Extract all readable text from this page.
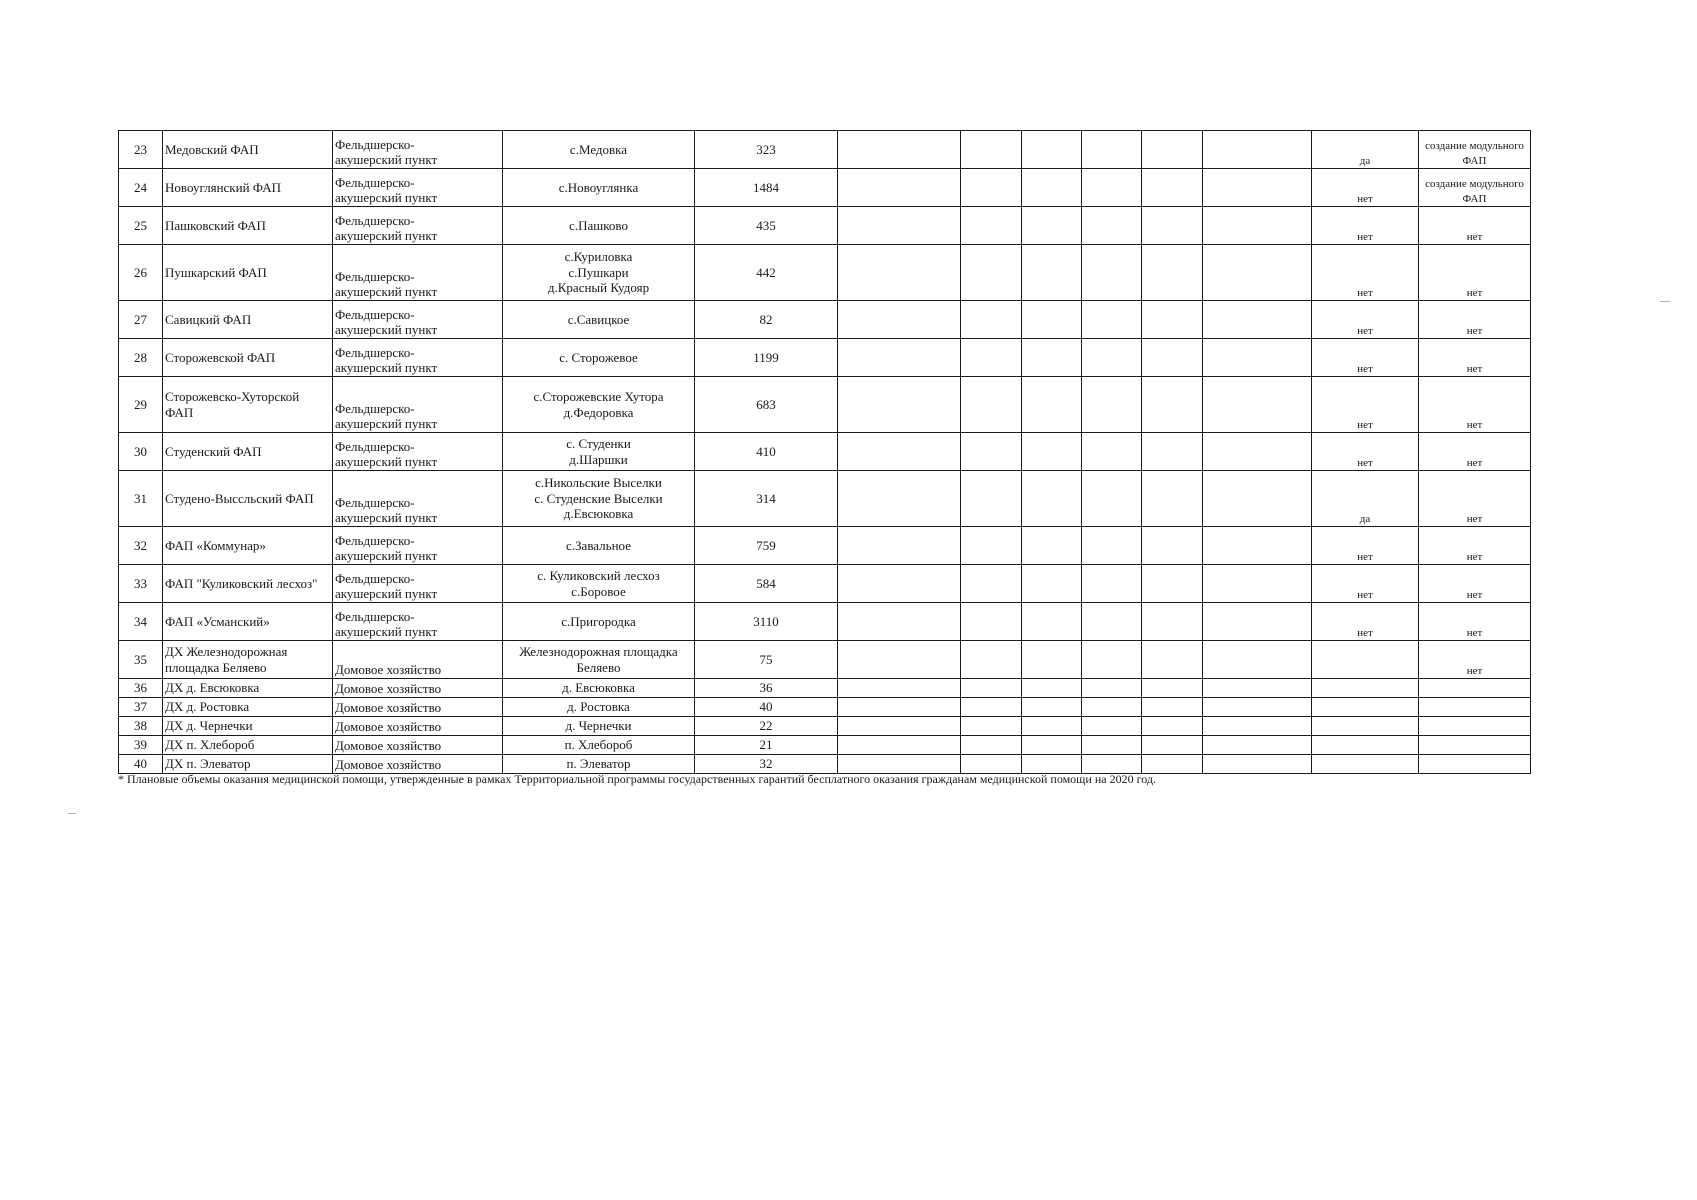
23	Медовский ФАП	Фельдшерско-
акушерский пункт	с.Медовка	323							да	создание модульного ФАП
24	Новоуглянский ФАП	Фельдшерско-
акушерский пункт	с.Новоуглянка	1484							нет	создание модульного ФАП
25	Пашковский ФАП	Фельдшерско-
акушерский пункт	с.Пашково	435							нет	нет
26	Пушкарский ФАП	Фельдшерско-
акушерский пункт	с.Куриловка
с.Пушкари
д.Красный Кудояр	442							нет	нет
27	Савицкий ФАП	Фельдшерско-
акушерский пункт	с.Савицкое	82							нет	нет
28	Сторожевской ФАП	Фельдшерско-
акушерский пункт	с. Сторожевое	1199							нет	нет
29	Сторожевско-Хуторской ФАП	Фельдшерско-
акушерский пункт	с.Сторожевские Хутора
д.Федоровка	683							нет	нет
30	Студенский ФАП	Фельдшерско-
акушерский пункт	с. Студенки
д.Шаршки	410							нет	нет
31	Студено-Выссльский ФАП	Фельдшерско-
акушерский пункт	с.Никольские Выселки
с. Студенские Выселки
д.Евсюковка	314							да	нет
32	ФАП «Коммунар»	Фельдшерско-
акушерский пункт	с.Завальное	759							нет	нет
33	ФАП "Куликовский лесхоз"	Фельдшерско-
акушерский пункт	с. Куликовский лесхоз
с.Боровое	584							нет	нет
34	ФАП «Усманский»	Фельдшерско-
акушерский пункт	с.Пригородка	3110							нет	нет
35	ДХ Железнодорожная площадка Беляево	Домовое хозяйство	Железнодорожная площадка
Беляево	75								нет
36	ДХ д. Евсюковка	Домовое хозяйство	д. Евсюковка	36								
37	ДХ д. Ростовка	Домовое хозяйство	д. Ростовка	40								
38	ДХ д. Чернечки	Домовое хозяйство	д. Чернечки	22								
39	ДХ п. Хлебороб	Домовое хозяйство	п. Хлебороб	21								
40	ДХ п. Элеватор	Домовое хозяйство	п. Элеватор	32								
* Плановые объемы оказания медицинской помощи, утвержденные в рамках Территориальной программы государственных гарантий бесплатного оказания гражданам медицинской помощи на 2020 год.
